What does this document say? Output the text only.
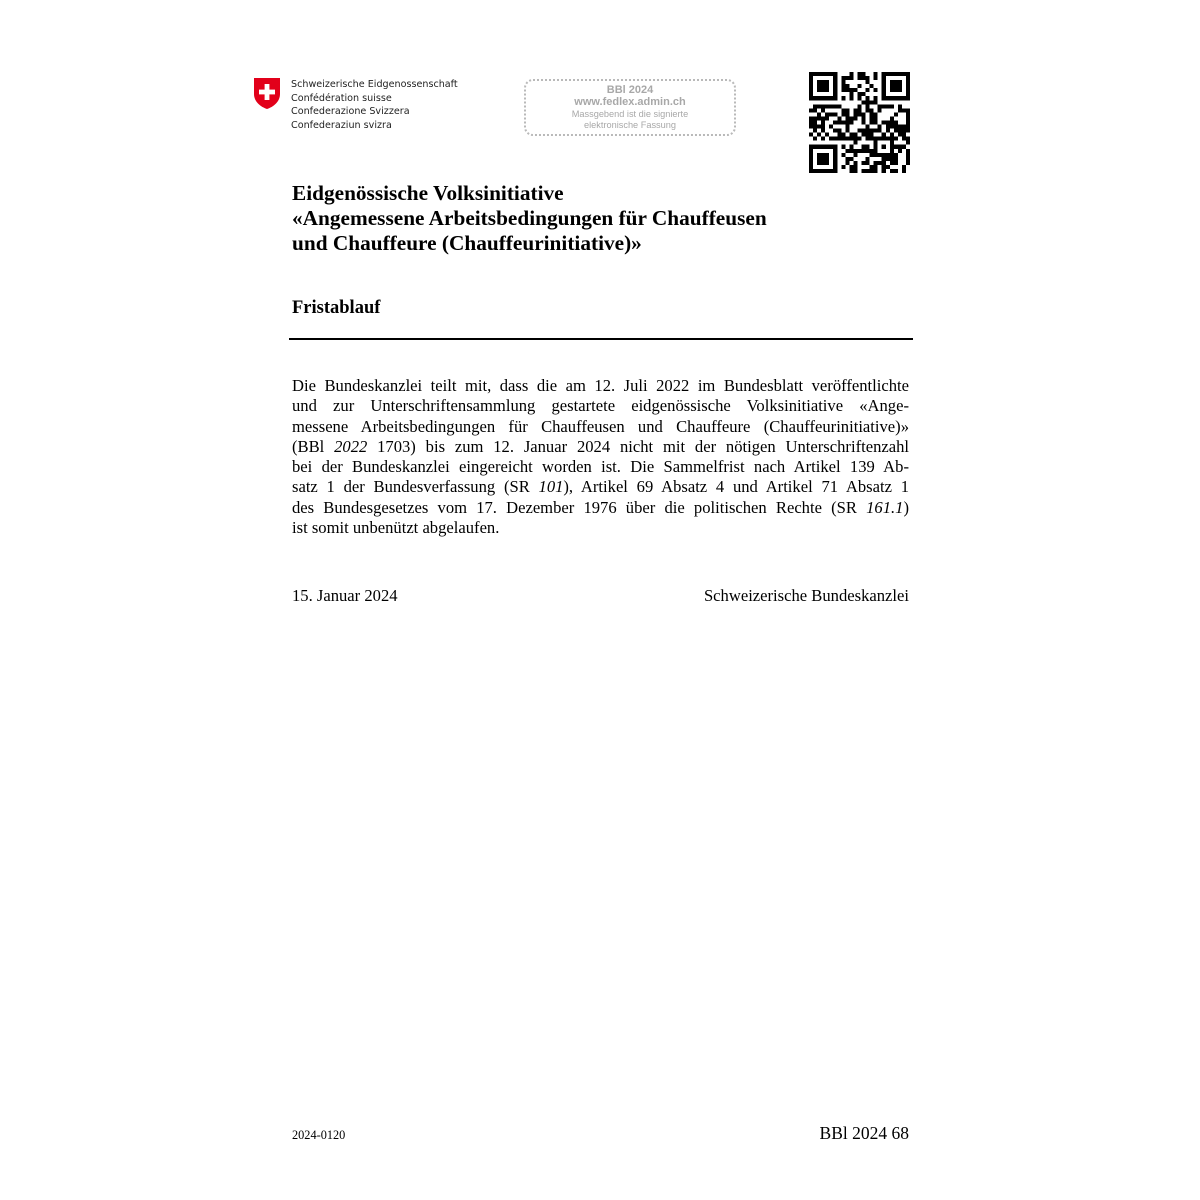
Schweizerische Eidgenossenschaft
Confédération suisse
Confederazione Svizzera
Confederaziun svizra
BBl 2024
www.fedlex.admin.ch
Massgebend ist die signierte
elektronische Fassung
Eidgenössische Volksinitiative
«Angemessene Arbeitsbedingungen für Chauffeusen
und Chauffeure (Chauffeurinitiative)»
Fristablauf
Die Bundeskanzlei teilt mit, dass die am 12. Juli 2022 im Bundesblatt veröffentlichte
und zur Unterschriftensammlung gestartete eidgenössische Volksinitiative «Ange-
messene Arbeitsbedingungen für Chauffeusen und Chauffeure (Chauffeurinitiative)»
(BBl 2022 1703) bis zum 12. Januar 2024 nicht mit der nötigen Unterschriftenzahl
bei der Bundeskanzlei eingereicht worden ist. Die Sammelfrist nach Artikel 139 Ab-
satz 1 der Bundesverfassung (SR 101), Artikel 69 Absatz 4 und Artikel 71 Absatz 1
des Bundesgesetzes vom 17. Dezember 1976 über die politischen Rechte (SR 161.1)
ist somit unbenützt abgelaufen.
15. Januar 2024	Schweizerische Bundeskanzlei
2024-0120	BBl 2024 68
